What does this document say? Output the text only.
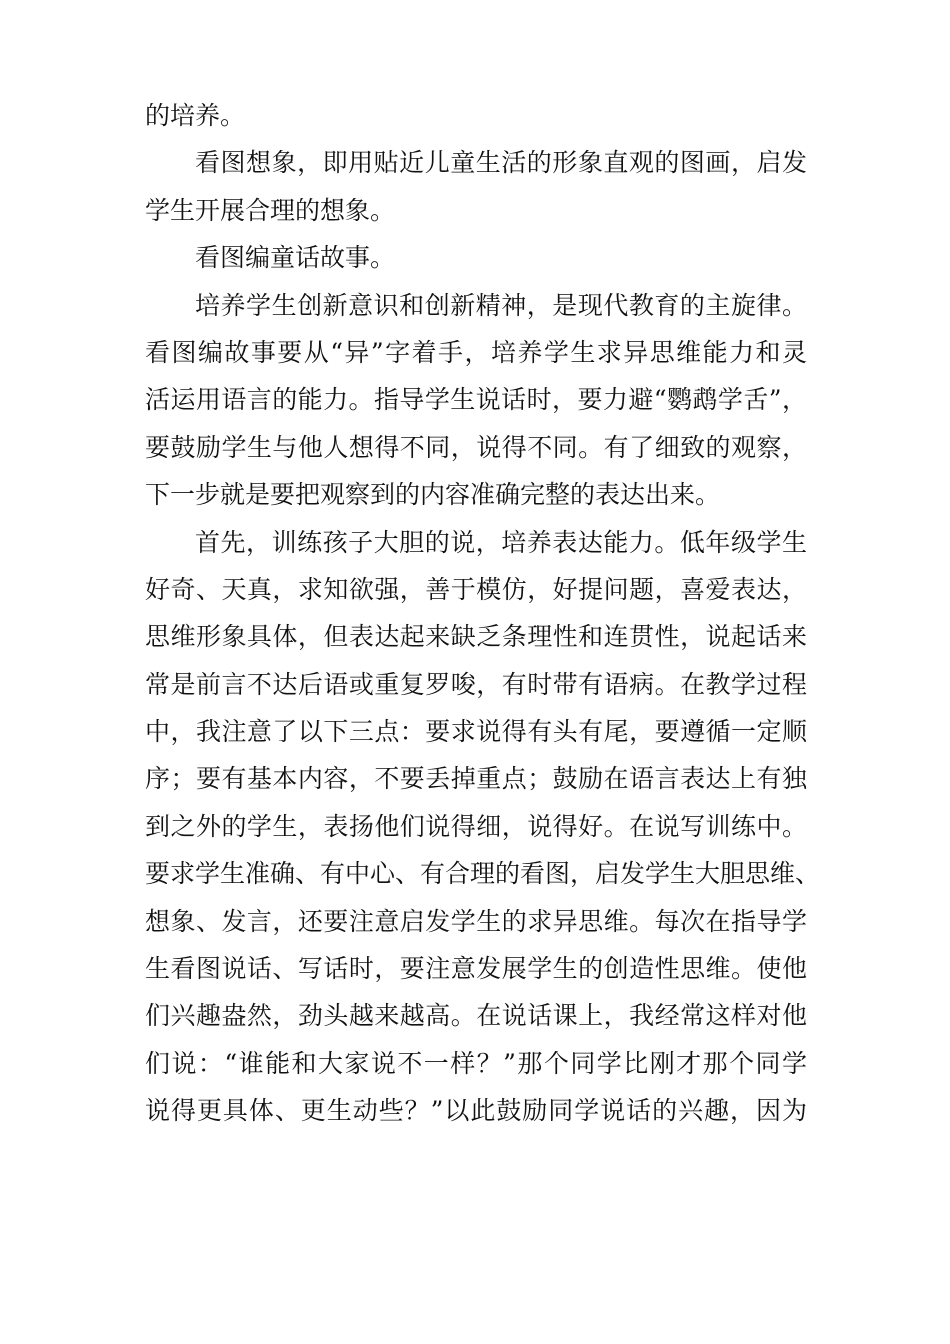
的培养。
看图想象，即用贴近儿童生活的形象直观的图画，启发
学生开展合理的想象。
看图编童话故事。
培养学生创新意识和创新精神，是现代教育的主旋律。
看图编故事要从“异”字着手，培养学生求异思维能力和灵
活运用语言的能力。指导学生说话时，要力避“鹦鹉学舌”，
要鼓励学生与他人想得不同，说得不同。有了细致的观察，
下一步就是要把观察到的内容准确完整的表达出来。
首先，训练孩子大胆的说，培养表达能力。低年级学生
好奇、天真，求知欲强，善于模仿，好提问题，喜爱表达，
思维形象具体，但表达起来缺乏条理性和连贯性，说起话来
常是前言不达后语或重复罗唆，有时带有语病。在教学过程
中，我注意了以下三点：要求说得有头有尾，要遵循一定顺
序；要有基本内容，不要丢掉重点；鼓励在语言表达上有独
到之外的学生，表扬他们说得细，说得好。在说写训练中。
要求学生准确、有中心、有合理的看图，启发学生大胆思维、
想象、发言，还要注意启发学生的求异思维。每次在指导学
生看图说话、写话时，要注意发展学生的创造性思维。使他
们兴趣盎然，劲头越来越高。在说话课上，我经常这样对他
们说：“谁能和大家说不一样？”那个同学比刚才那个同学
说得更具体、更生动些？”以此鼓励同学说话的兴趣，因为
